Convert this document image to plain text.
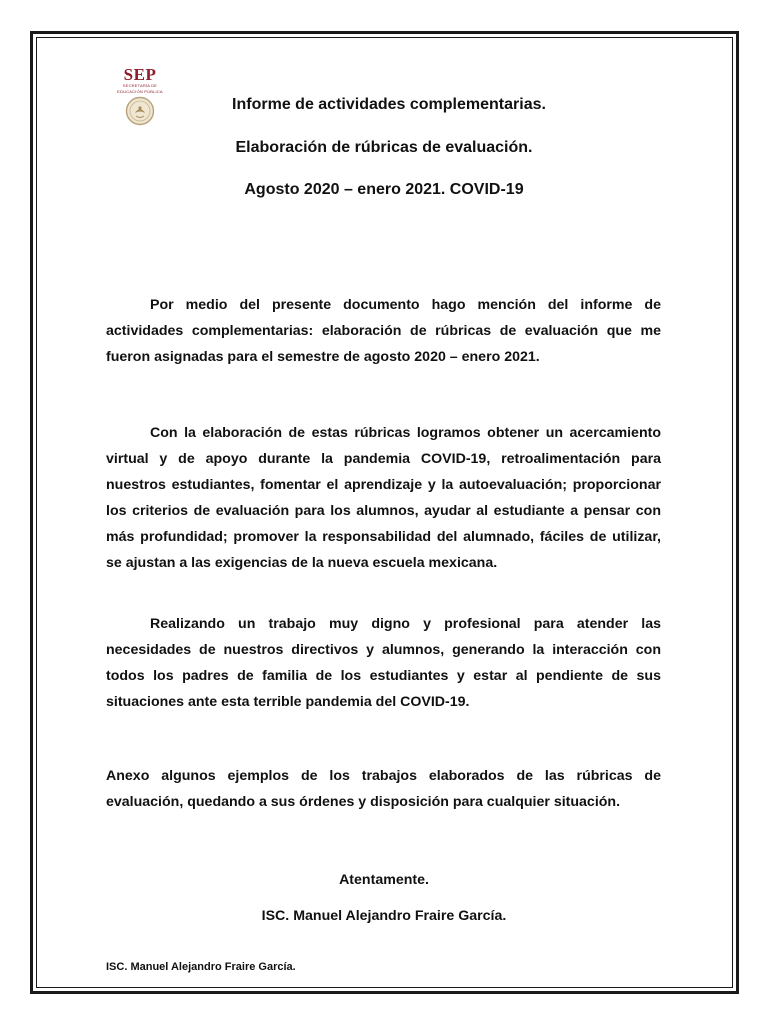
SEP
SECRETARÍA DE
EDUCACIÓN PÚBLICA
Informe de actividades complementarias.
Elaboración de rúbricas de evaluación.
Agosto 2020 – enero 2021. COVID-19

Por medio del presente documento hago mención del informe de actividades complementarias: elaboración de rúbricas de evaluación que me fueron asignadas para el semestre de agosto 2020 – enero 2021.

Con la elaboración de estas rúbricas logramos obtener un acercamiento virtual y de apoyo durante la pandemia COVID-19, retroalimentación para nuestros estudiantes, fomentar el aprendizaje y la autoevaluación; proporcionar los criterios de evaluación para los alumnos, ayudar al estudiante a pensar con más profundidad; promover la responsabilidad del alumnado, fáciles de utilizar, se ajustan a las exigencias de la nueva escuela mexicana.

Realizando un trabajo muy digno y profesional para atender las necesidades de nuestros directivos y alumnos, generando la interacción con todos los padres de familia de los estudiantes y estar al pendiente de sus situaciones ante esta terrible pandemia del COVID-19.

Anexo algunos ejemplos de los trabajos elaborados de las rúbricas de evaluación, quedando a sus órdenes y disposición para cualquier situación.

Atentamente.
ISC. Manuel Alejandro Fraire García.
ISC. Manuel Alejandro Fraire García.
